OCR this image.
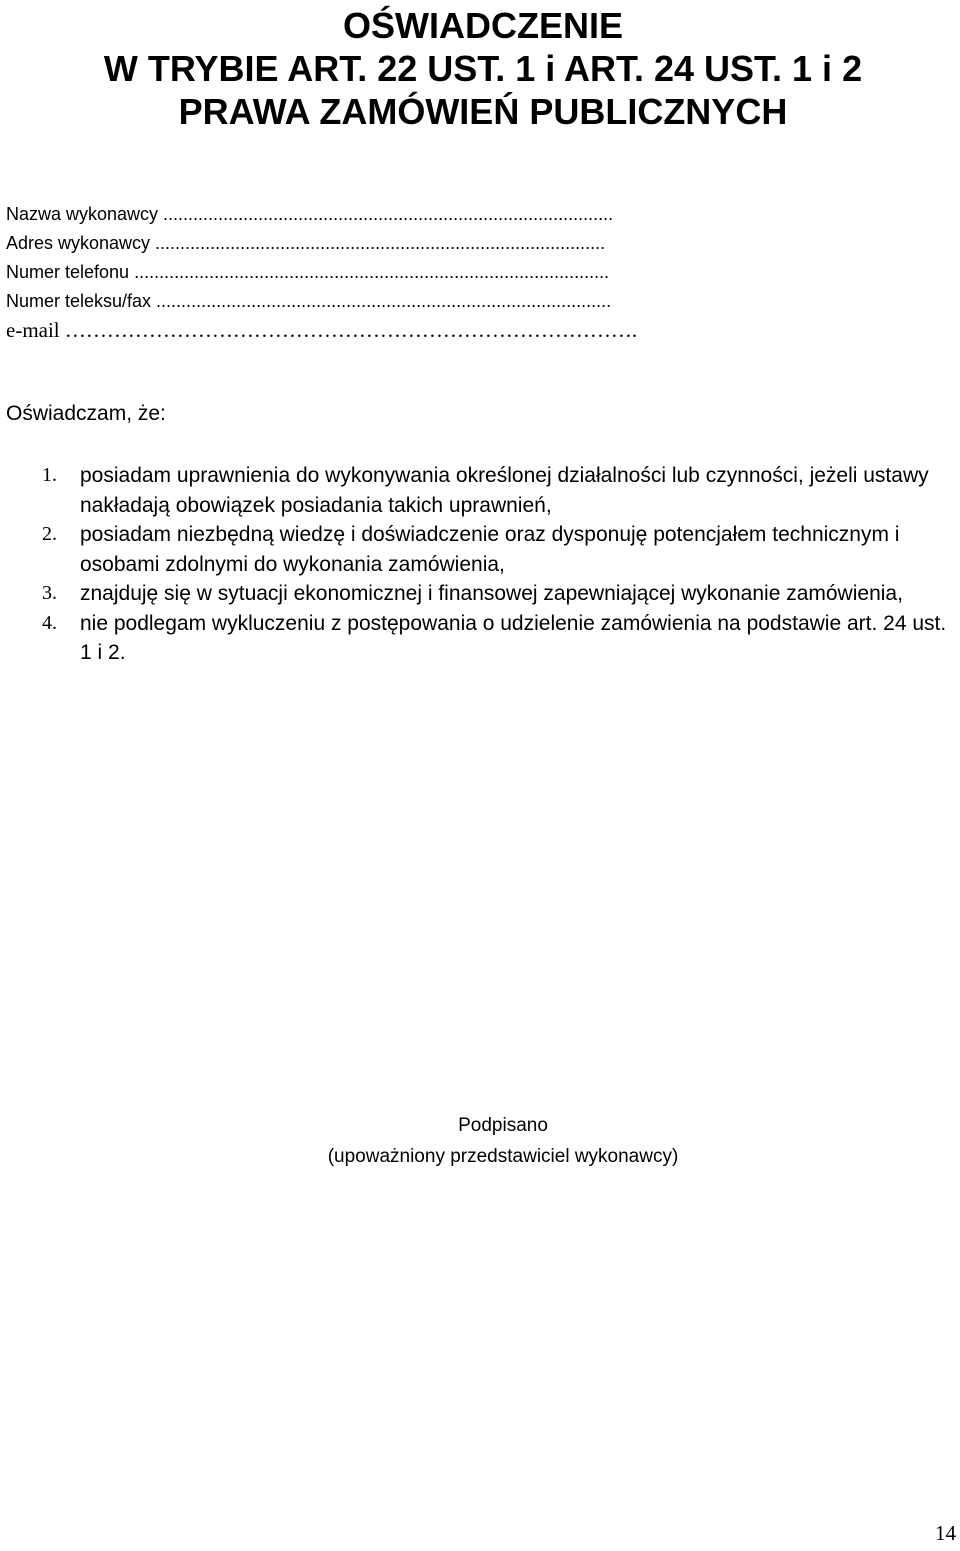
OŚWIADCZENIE
W TRYBIE ART. 22 UST. 1 i ART. 24 UST. 1 i 2
PRAWA ZAMÓWIEŃ PUBLICZNYCH
Nazwa wykonawcy ..........................................................................................
Adres wykonawcy ..........................................................................................
Numer telefonu ...............................................................................................
Numer teleksu/fax ...........................................................................................
e-mail ……………………………………………………………………….
Oświadczam, że:
1. posiadam uprawnienia do wykonywania określonej działalności lub czynności, jeżeli ustawy nakładają obowiązek posiadania takich uprawnień,
2. posiadam niezbędną wiedzę i doświadczenie oraz dysponuję potencjałem technicznym i osobami zdolnymi do wykonania zamówienia,
3. znajduję się w sytuacji ekonomicznej i finansowej zapewniającej wykonanie zamówienia,
4. nie podlegam wykluczeniu z postępowania o udzielenie zamówienia na podstawie art. 24 ust. 1 i 2.
Podpisano
(upoważniony przedstawiciel wykonawcy)
14
